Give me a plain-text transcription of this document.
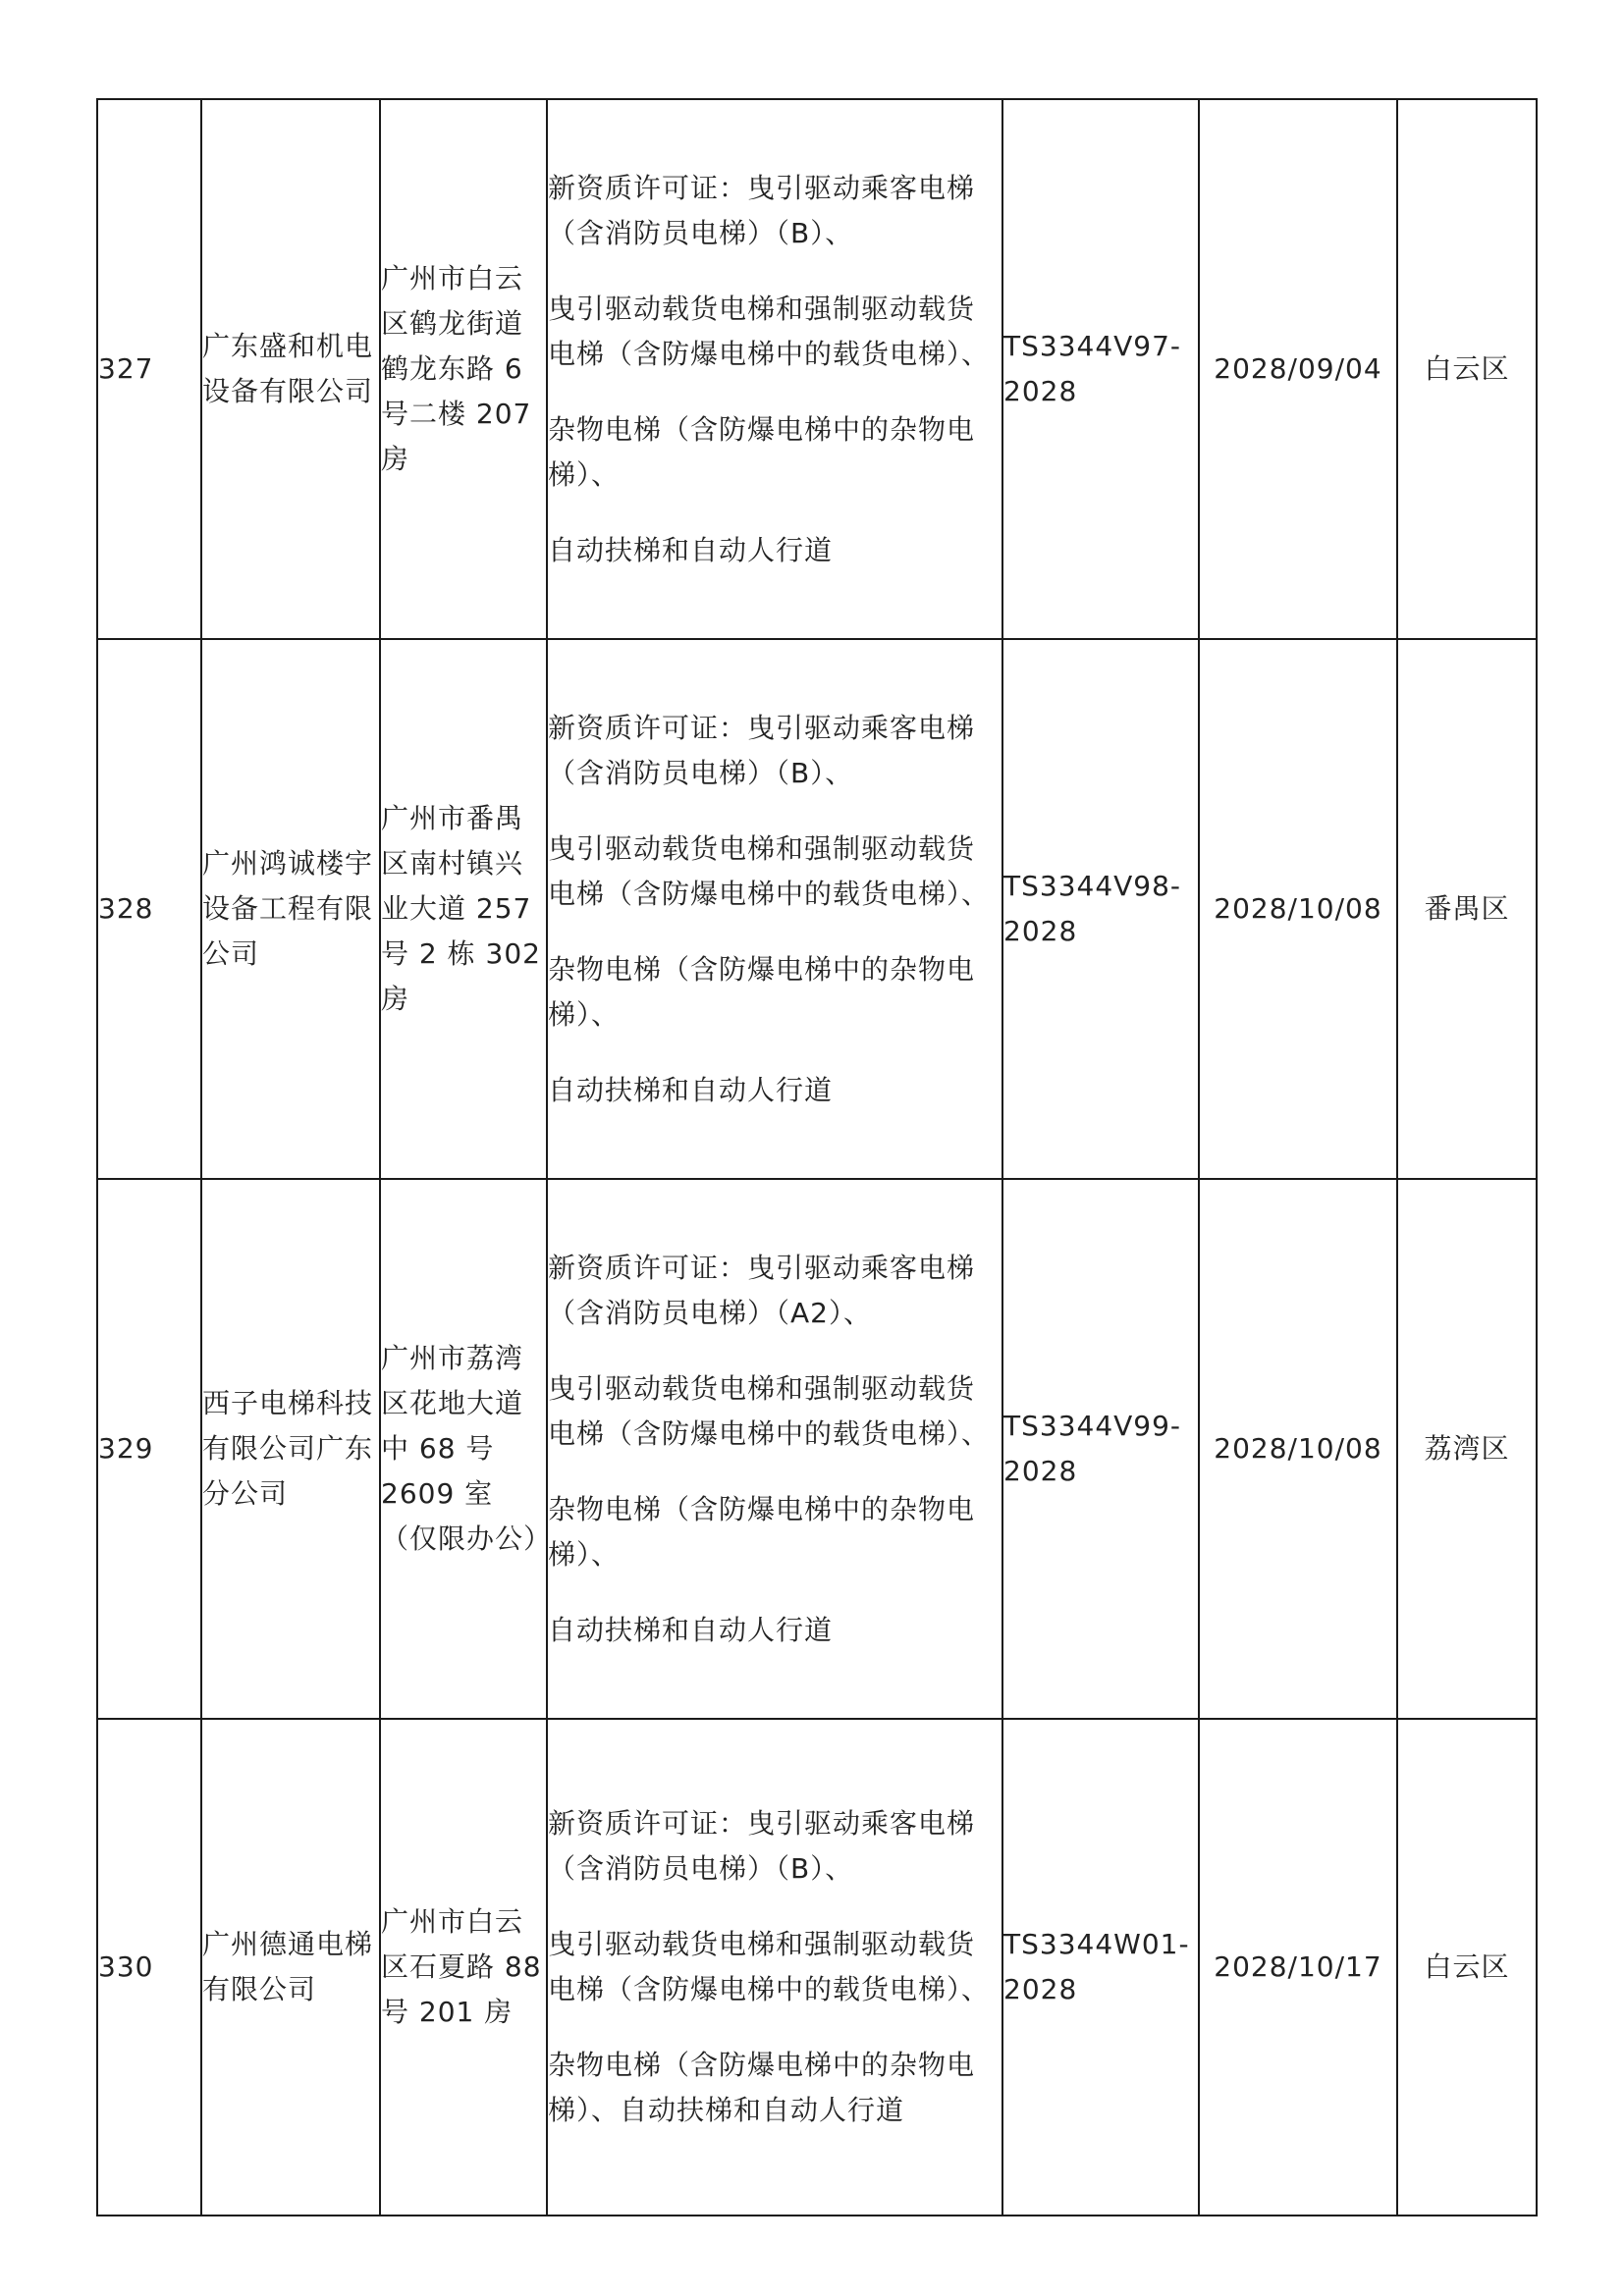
327	广东盛和机电设备有限公司	广州市白云区鹤龙街道鹤龙东路 6 号二楼 207 房	新资质许可证：曳引驱动乘客电梯（含消防员电梯）（B）、
曳引驱动载货电梯和强制驱动载货电梯（含防爆电梯中的载货电梯）、
杂物电梯（含防爆电梯中的杂物电梯）、
自动扶梯和自动人行道	TS3344V97-2028	2028/09/04	白云区
328	广州鸿诚楼宇设备工程有限公司	广州市番禺区南村镇兴业大道 257 号 2 栋 302 房	新资质许可证：曳引驱动乘客电梯（含消防员电梯）（B）、
曳引驱动载货电梯和强制驱动载货电梯（含防爆电梯中的载货电梯）、
杂物电梯（含防爆电梯中的杂物电梯）、
自动扶梯和自动人行道	TS3344V98-2028	2028/10/08	番禺区
329	西子电梯科技有限公司广东分公司	广州市荔湾区花地大道中 68 号 2609 室（仅限办公）	新资质许可证：曳引驱动乘客电梯（含消防员电梯）（A2）、
曳引驱动载货电梯和强制驱动载货电梯（含防爆电梯中的载货电梯）、
杂物电梯（含防爆电梯中的杂物电梯）、
自动扶梯和自动人行道	TS3344V99-2028	2028/10/08	荔湾区
330	广州德通电梯有限公司	广州市白云区石夏路 88 号 201 房	新资质许可证：曳引驱动乘客电梯（含消防员电梯）（B）、
曳引驱动载货电梯和强制驱动载货电梯（含防爆电梯中的载货电梯）、
杂物电梯（含防爆电梯中的杂物电梯）、自动扶梯和自动人行道	TS3344W01-2028	2028/10/17	白云区
